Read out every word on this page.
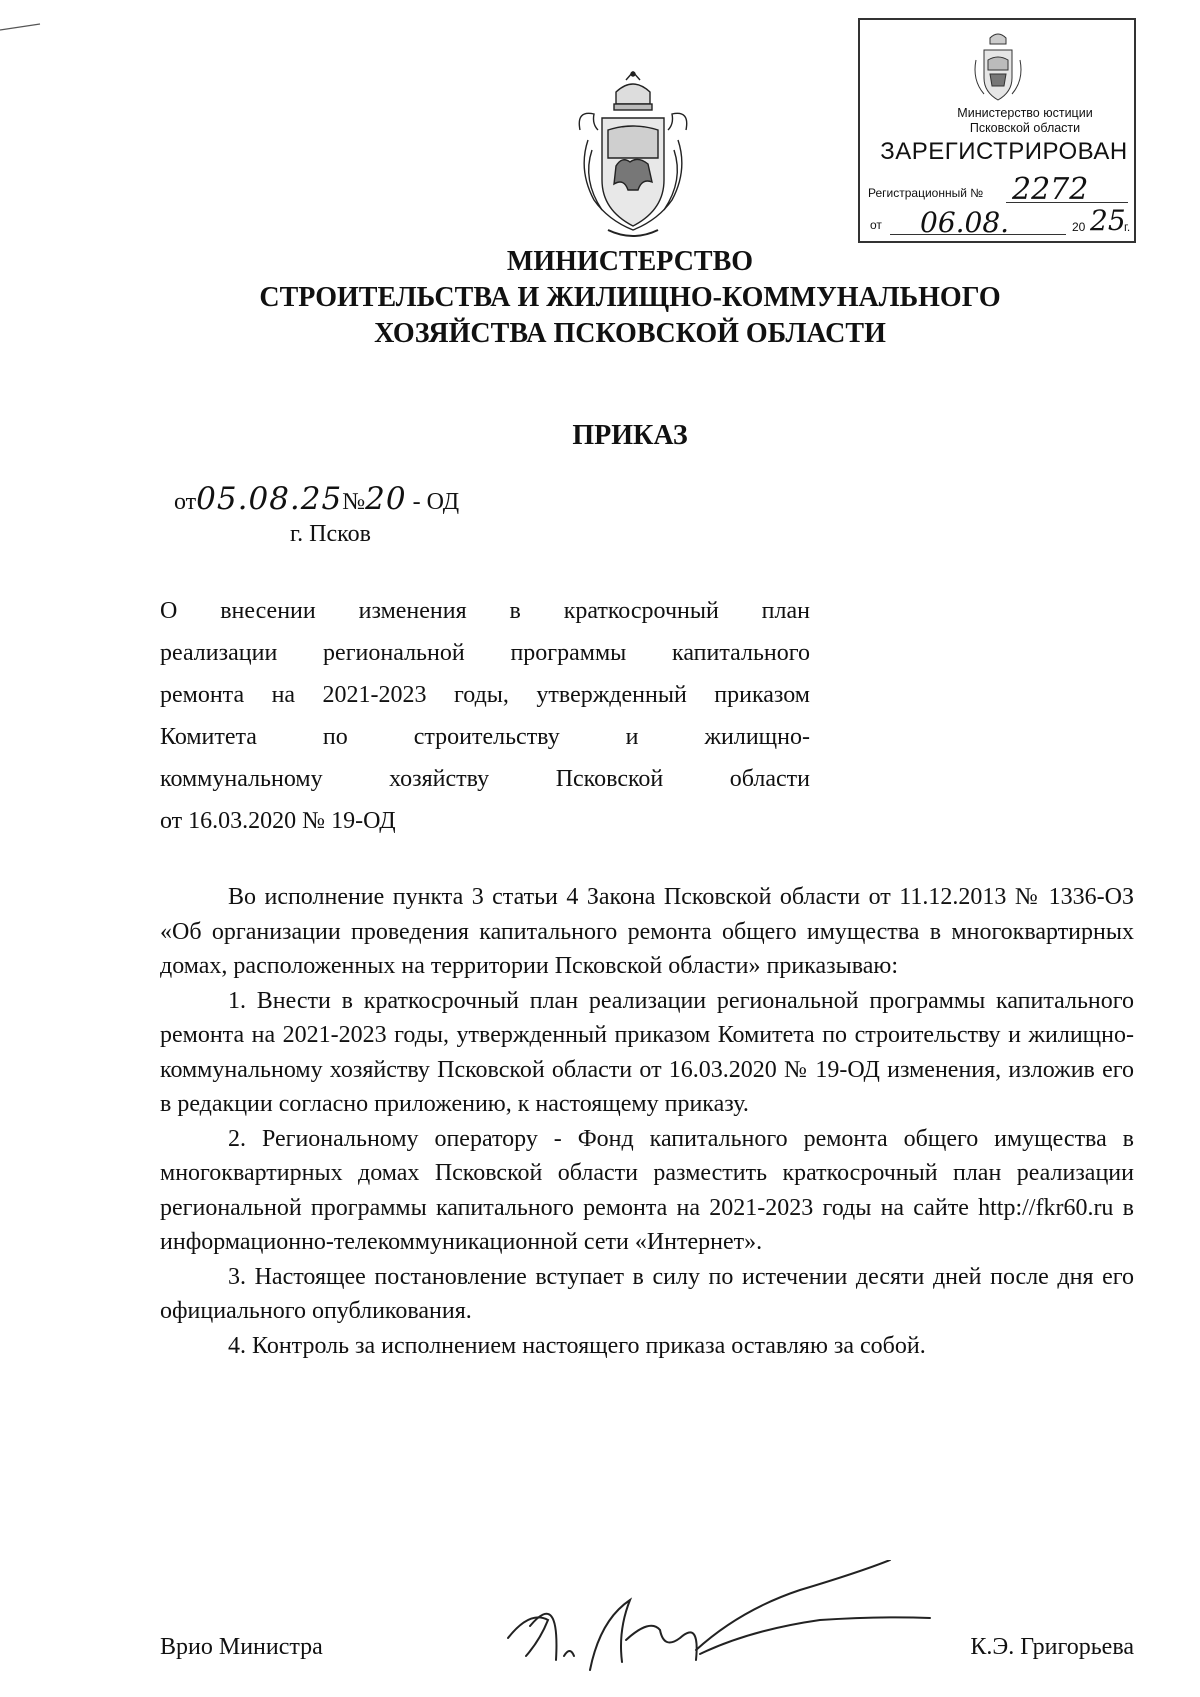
Министерство юстиции
Псковской области
ЗАРЕГИСТРИРОВАН
Регистрационный № 2272
от 06.08.	20 25
г.
МИНИСТЕРСТВО
СТРОИТЕЛЬСТВА И ЖИЛИЩНО-КОММУНАЛЬНОГО
ХОЗЯЙСТВА ПСКОВСКОЙ ОБЛАСТИ
ПРИКАЗ
от05.08.25№20 - ОД
г. Псков

О внесении изменения в краткосрочный план
реализации региональной программы капитального
ремонта на 2021-2023 годы, утвержденный приказом
Комитета по строительству и жилищно-
коммунальному хозяйству Псковской области
от 16.03.2020 № 19-ОД

Во исполнение пункта 3 статьи 4 Закона Псковской области от 11.12.2013 № 1336-ОЗ «Об организации проведения капитального ремонта общего имущества в многоквартирных домах, расположенных на территории Псковской области» приказываю:

1. Внести в краткосрочный план реализации региональной программы капитального ремонта на 2021-2023 годы, утвержденный приказом Комитета по строительству и жилищно-коммунальному хозяйству Псковской области от 16.03.2020 № 19-ОД изменения, изложив его в редакции согласно приложению, к настоящему приказу.

2. Региональному оператору - Фонд капитального ремонта общего имущества в многоквартирных домах Псковской области разместить краткосрочный план реализации региональной программы капитального ремонта на 2021-2023 годы на сайте http://fkr60.ru в информационно-телекоммуникационной сети «Интернет».

3. Настоящее постановление вступает в силу по истечении десяти дней после дня его официального опубликования.

4. Контроль за исполнением настоящего приказа оставляю за собой.

Врио Министра	К.Э. Григорьева
